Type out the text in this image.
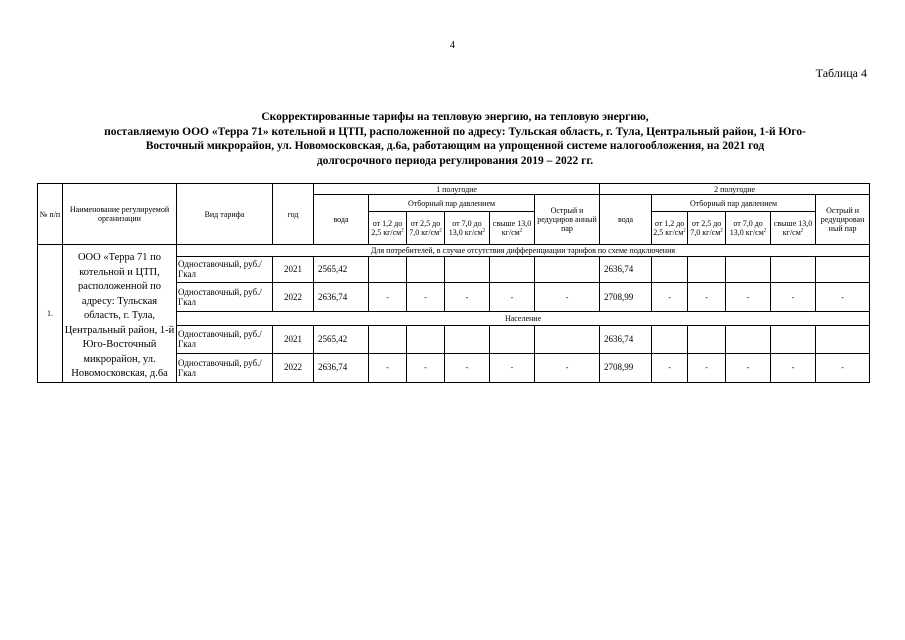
4
Таблица 4
Скорректированные тарифы на тепловую энергию, на тепловую энергию,
поставляемую ООО «Терра 71» котельной и ЦТП, расположенной по адресу: Тульская область, г. Тула, Центральный район, 1-й Юго-
Восточный микрорайон, ул. Новомосковская, д.6а, работающим на упрощенной системе налогообложения, на 2021 год
долгосрочного периода регулирования 2019 – 2022 гг.
№ п/п	Наименование регулируемой организации	Вид тарифа	год	1 полугодие						2 полугодие					
				вода	Отборный пар давлением				Острый и редуциров анный пар	вода	Отборный пар давлением				Острый и редуцирован ный пар
					от 1,2 до 2,5 $кг/см^2$	от 2,5 до 7,0 $кг/см^2$	от 7,0 до 13,0 $кг/см^2$	свыше 13,0 $кг/см^2$			от 1,2 до 2,5 $кг/см^2$	от 2,5 до 7,0 $кг/см^2$	от 7,0 до 13,0 $кг/см^2$	свыше 13,0 $кг/см^2$
1.	ООО «Терра 71 по котельной и ЦТП, расположенной по адресу: Тульская область, г. Тула, Центральный район, 1-й Юго-Восточный микрорайон, ул. Новомосковская, д.6а	Для потребителей, в случае отсутствия дифференциации тарифов по схеме подключения													
		Одноставочный, руб./Гкал	2021	2565,42						2636,74					
		Одноставочный, руб./Гкал	2022	2636,74	-	-	-	-	-	2708,99	-	-	-	-	-
		Население													
		Одноставочный, руб./Гкал	2021	2565,42						2636,74					
		Одноставочный, руб./Гкал	2022	2636,74	-	-	-	-	-	2708,99	-	-	-	-	-
